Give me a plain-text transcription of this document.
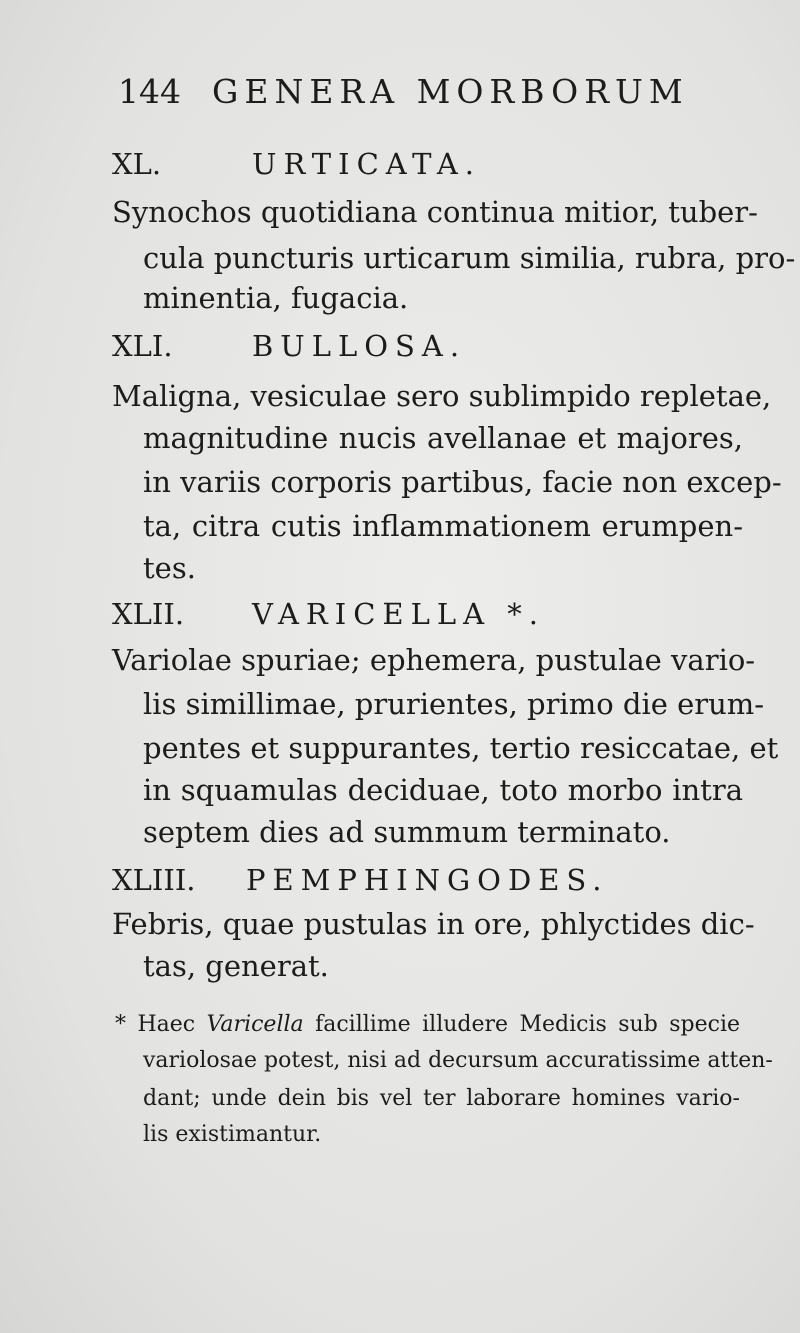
144 GENERA MORBORUM
XL.	URTICATA.
Synochos quotidiana continua mitior, tuber-
cula puncturis urticarum similia, rubra, pro-
minentia, fugacia.
XLI.	BULLOSA.
Maligna, vesiculae sero sublimpido repletae,
magnitudine nucis avellanae et majores,
in variis corporis partibus, facie non excep-
ta, citra cutis inflammationem erumpen-
tes.
XLII. VARICELLA *.
Variolae spuriae; ephemera, pustulae vario-
lis simillimae, prurientes, primo die erum-
pentes et suppurantes, tertio resiccatae, et
in squamulas deciduae, toto morbo intra
septem dies ad summum terminato.
XLIII. PEMPHINGODES.
Febris, quae pustulas in ore, phlyctides dic-
tas, generat.
* Haec Varicella facillime illudere Medicis sub specie
variolosae potest, nisi ad decursum accuratissime atten-
dant; unde dein bis vel ter laborare homines vario-
lis existimantur.
